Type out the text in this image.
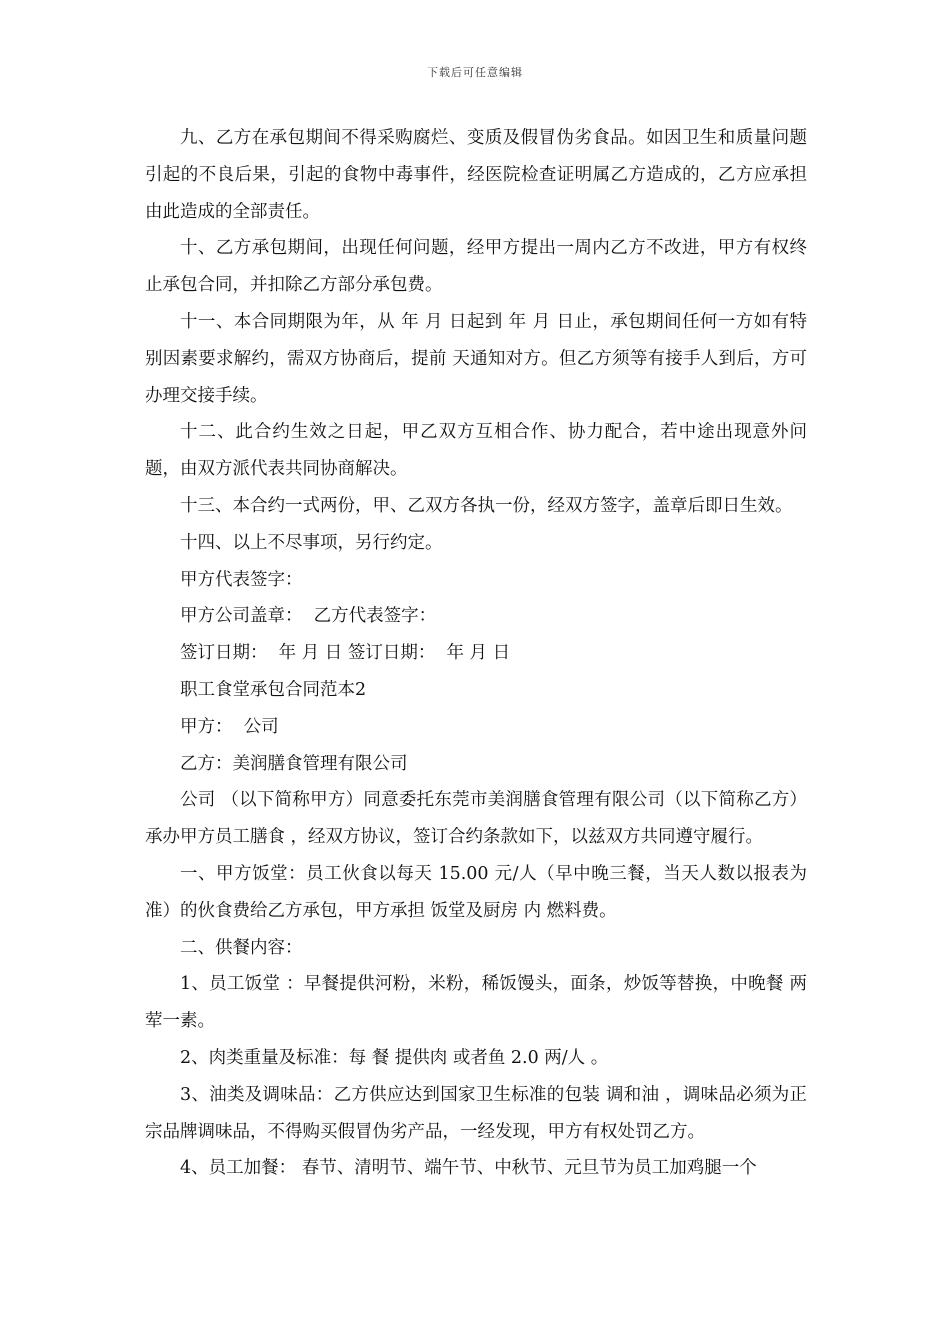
下载后可任意编辑

九、乙方在承包期间不得采购腐烂、变质及假冒伪劣食品。如因卫生和质量问题引起的不良后果，引起的食物中毒事件，经医院检查证明属乙方造成的，乙方应承担由此造成的全部责任。

十、乙方承包期间，出现任何问题，经甲方提出一周内乙方不改进，甲方有权终止承包合同，并扣除乙方部分承包费。

十一、本合同期限为年，从 年 月 日起到 年 月 日止，承包期间任何一方如有特别因素要求解约，需双方协商后，提前 天通知对方。但乙方须等有接手人到后，方可办理交接手续。

十二、此合约生效之日起，甲乙双方互相合作、协力配合，若中途出现意外问题，由双方派代表共同协商解决。

十三、本合约一式两份，甲、乙双方各执一份，经双方签字，盖章后即日生效。

十四、以上不尽事项，另行约定。

甲方代表签字：

甲方公司盖章：  乙方代表签字：

签订日期：  年 月 日 签订日期：  年 月 日

职工食堂承包合同范本2

甲方：  公司

乙方：美润膳食管理有限公司

公司 （以下简称甲方）同意委托东莞市美润膳食管理有限公司（以下简称乙方）承办甲方员工膳食 ，经双方协议，签订合约条款如下，以兹双方共同遵守履行。

一、甲方饭堂：员工伙食以每天 15.00 元/人（早中晚三餐，当天人数以报表为准）的伙食费给乙方承包，甲方承担 饭堂及厨房 内 燃料费。

二、供餐内容：

1、员工饭堂 ：早餐提供河粉，米粉，稀饭馒头，面条，炒饭等替换，中晚餐 两荤一素。

2、肉类重量及标准：每 餐 提供肉 或者鱼 2.0 两/人 。

3、油类及调味品：乙方供应达到国家卫生标准的包装 调和油 ，调味品必须为正宗品牌调味品，不得购买假冒伪劣产品，一经发现，甲方有权处罚乙方。

4、员工加餐： 春节、清明节、端午节、中秋节、元旦节为员工加鸡腿一个
